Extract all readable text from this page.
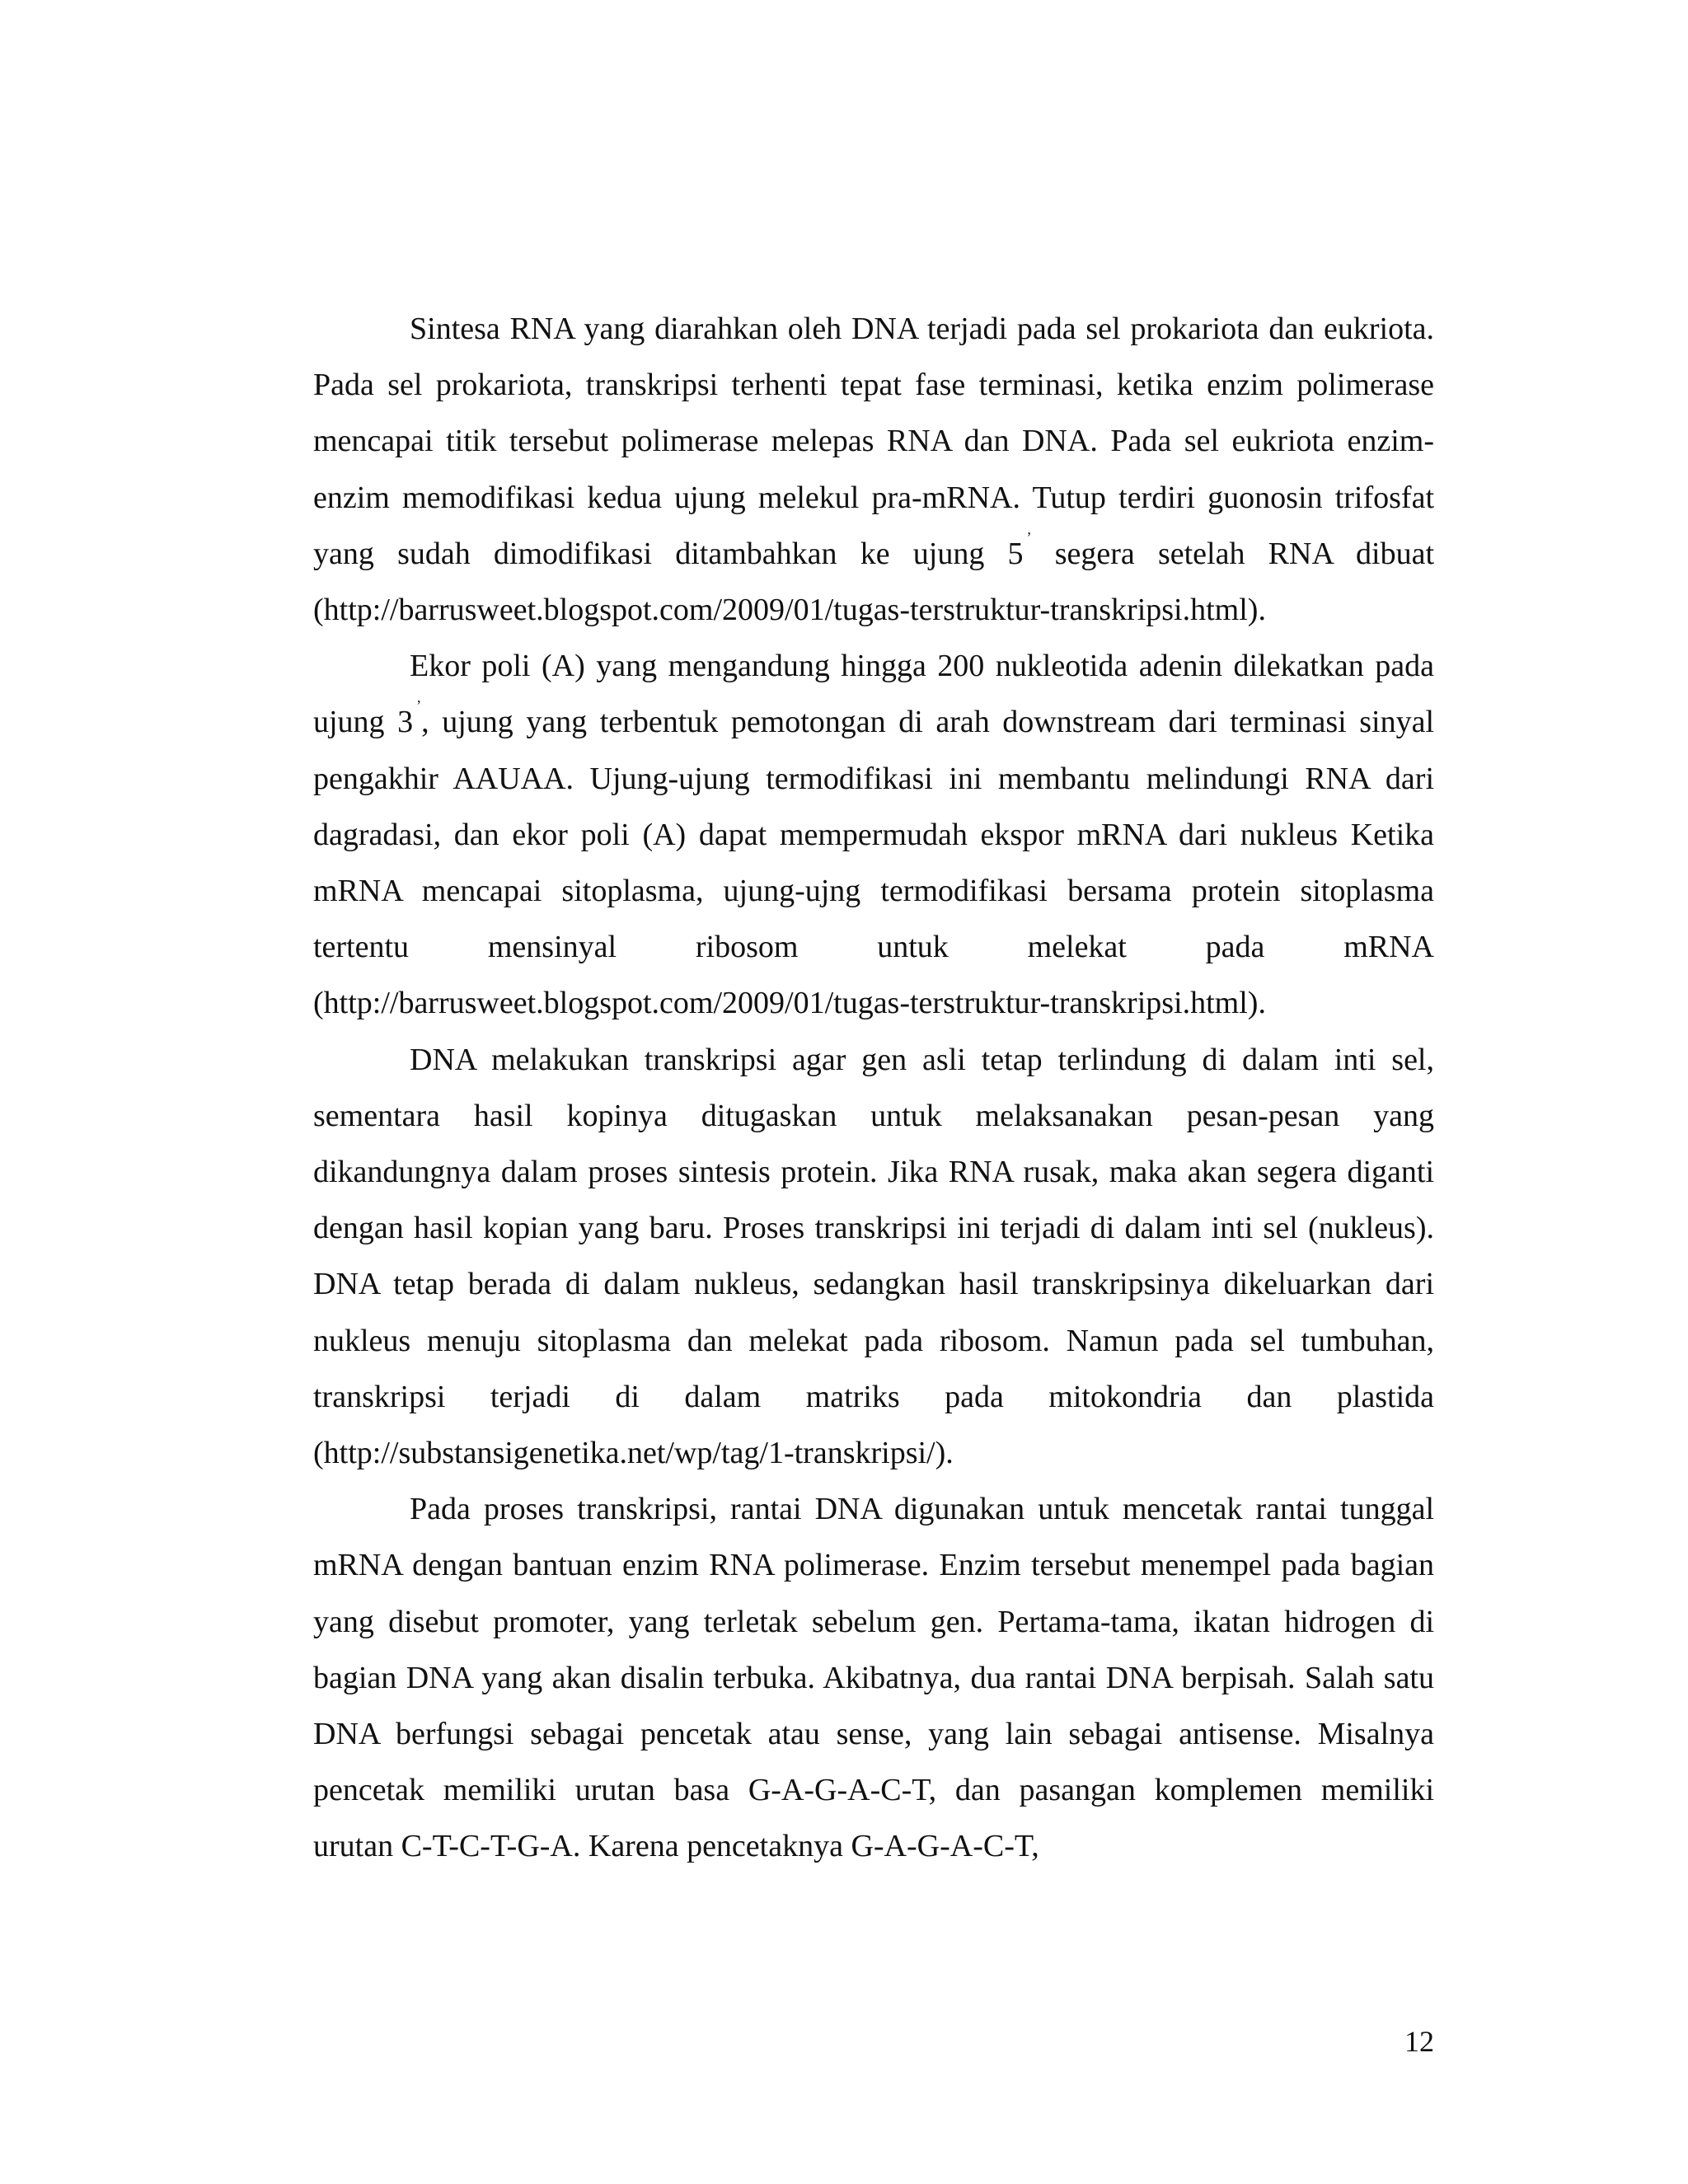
Sintesa RNA yang diarahkan oleh DNA terjadi pada sel prokariota dan eukriota. Pada sel prokariota, transkripsi terhenti tepat fase terminasi, ketika enzim polimerase mencapai titik tersebut polimerase melepas RNA dan DNA. Pada sel eukriota enzim-enzim memodifikasi kedua ujung melekul pra-mRNA. Tutup terdiri guonosin trifosfat yang sudah dimodifikasi ditambahkan ke ujung 5 ’ segera setelah RNA dibuat (http://barrusweet.blogspot.com/2009/01/tugas-terstruktur-transkripsi.html).

Ekor poli (A) yang mengandung hingga 200 nukleotida adenin dilekatkan pada ujung 3 ’, ujung yang terbentuk pemotongan di arah downstream dari terminasi sinyal pengakhir AAUAA. Ujung-ujung termodifikasi ini membantu melindungi RNA dari dagradasi, dan ekor poli (A) dapat mempermudah ekspor mRNA dari nukleus Ketika mRNA mencapai sitoplasma, ujung-ujng termodifikasi bersama protein sitoplasma tertentu mensinyal ribosom untuk melekat pada mRNA (http://barrusweet.blogspot.com/2009/01/tugas-terstruktur-transkripsi.html).

DNA melakukan transkripsi agar gen asli tetap terlindung di dalam inti sel, sementara hasil kopinya ditugaskan untuk melaksanakan pesan-pesan yang dikandungnya dalam proses sintesis protein. Jika RNA rusak, maka akan segera diganti dengan hasil kopian yang baru. Proses transkripsi ini terjadi di dalam inti sel (nukleus). DNA tetap berada di dalam nukleus, sedangkan hasil transkripsinya dikeluarkan dari nukleus menuju sitoplasma dan melekat pada ribosom. Namun pada sel tumbuhan, transkripsi terjadi di dalam matriks pada mitokondria dan plastida (http://substansigenetika.net/wp/tag/1-transkripsi/).

Pada proses transkripsi, rantai DNA digunakan untuk mencetak rantai tunggal mRNA dengan bantuan enzim RNA polimerase. Enzim tersebut menempel pada bagian yang disebut promoter, yang terletak sebelum gen. Pertama-tama, ikatan hidrogen di bagian DNA yang akan disalin terbuka. Akibatnya, dua rantai DNA berpisah. Salah satu DNA berfungsi sebagai pencetak atau sense, yang lain sebagai antisense. Misalnya pencetak memiliki urutan basa G-A-G-A-C-T, dan pasangan komplemen memiliki urutan C-T-C-T-G-A. Karena pencetaknya G-A-G-A-C-T,

12
